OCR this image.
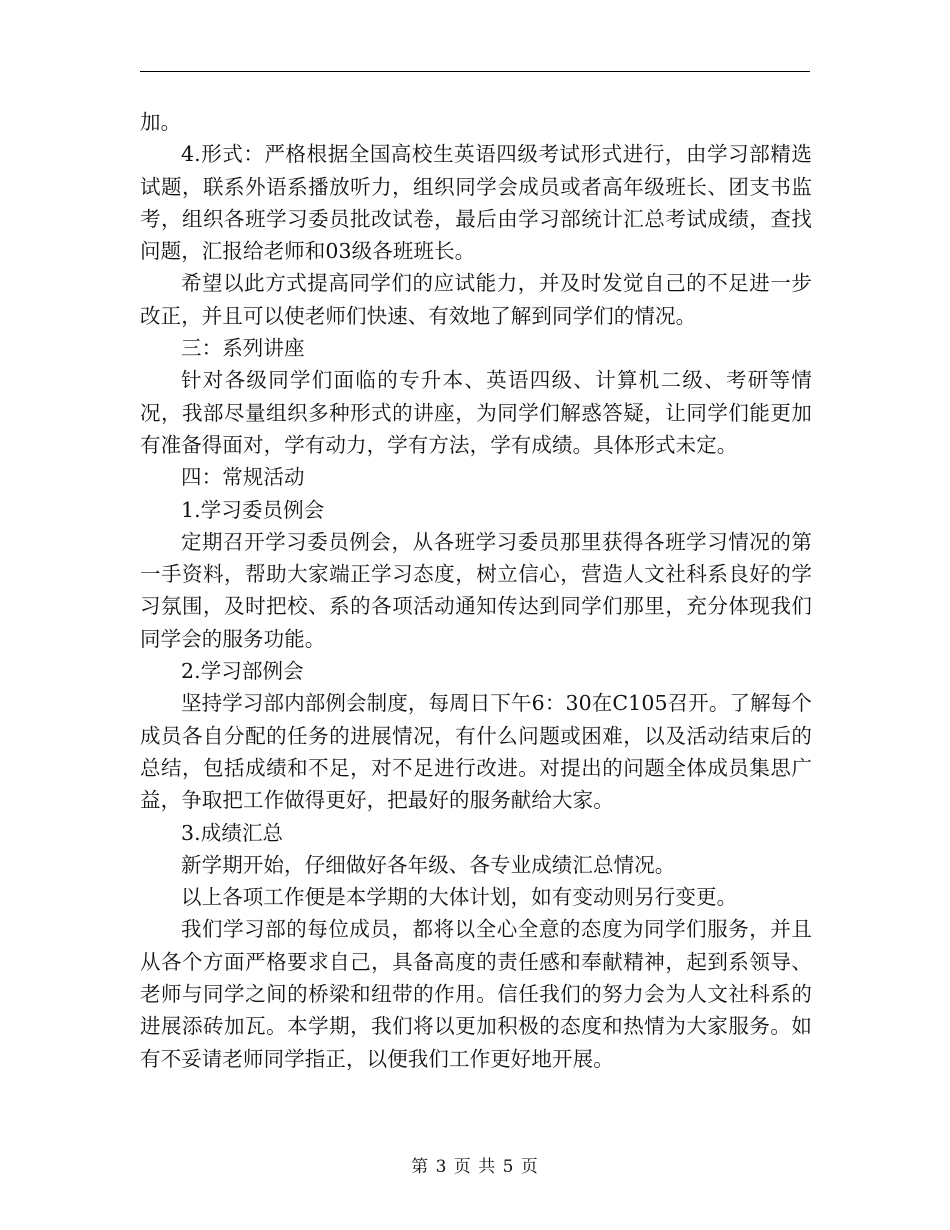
加。

4.形式：严格根据全国高校生英语四级考试形式进行，由学习部精选试题，联系外语系播放听力，组织同学会成员或者高年级班长、团支书监考，组织各班学习委员批改试卷，最后由学习部统计汇总考试成绩，查找问题，汇报给老师和03级各班班长。

希望以此方式提高同学们的应试能力，并及时发觉自己的不足进一步改正，并且可以使老师们快速、有效地了解到同学们的情况。

三：系列讲座

针对各级同学们面临的专升本、英语四级、计算机二级、考研等情况，我部尽量组织多种形式的讲座，为同学们解惑答疑，让同学们能更加有准备得面对，学有动力，学有方法，学有成绩。具体形式未定。

四：常规活动

1.学习委员例会

定期召开学习委员例会，从各班学习委员那里获得各班学习情况的第一手资料，帮助大家端正学习态度，树立信心，营造人文社科系良好的学习氛围，及时把校、系的各项活动通知传达到同学们那里，充分体现我们同学会的服务功能。

2.学习部例会

坚持学习部内部例会制度，每周日下午6：30在C105召开。了解每个成员各自分配的任务的进展情况，有什么问题或困难，以及活动结束后的总结，包括成绩和不足，对不足进行改进。对提出的问题全体成员集思广益，争取把工作做得更好，把最好的服务献给大家。

3.成绩汇总

新学期开始，仔细做好各年级、各专业成绩汇总情况。

以上各项工作便是本学期的大体计划，如有变动则另行变更。

我们学习部的每位成员，都将以全心全意的态度为同学们服务，并且从各个方面严格要求自己，具备高度的责任感和奉献精神，起到系领导、老师与同学之间的桥梁和纽带的作用。信任我们的努力会为人文社科系的进展添砖加瓦。本学期，我们将以更加积极的态度和热情为大家服务。如有不妥请老师同学指正，以便我们工作更好地开展。

第 3 页 共 5 页
